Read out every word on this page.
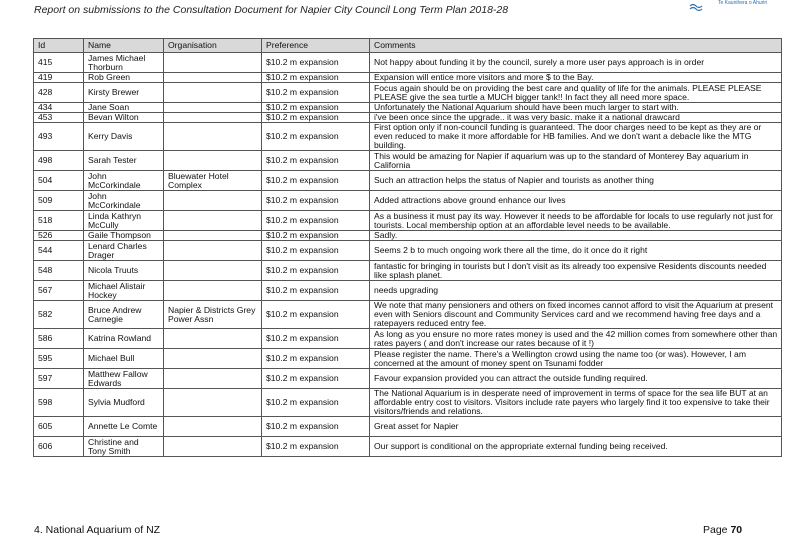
Report on submissions to the Consultation Document for Napier City Council Long Term Plan 2018-28
Te Kaunihera o Ahuriri
Id	Name	Organisation	Preference	Comments
415	James Michael Thorburn		$10.2 m expansion	Not happy about funding it by the council, surely a more user pays approach is in order
419	Rob Green		$10.2 m expansion	Expansion will entice more visitors and more $ to the Bay.
428	Kirsty Brewer		$10.2 m expansion	Focus again should be on providing the best care and quality of life for the animals. PLEASE PLEASE PLEASE give the sea turtle a MUCH bigger tank!! In fact they all need more space.
434	Jane Soan		$10.2 m expansion	Unfortunately the National Aquarium should have been much larger to start with.
453	Bevan Wilton		$10.2 m expansion	i've been once since the upgrade.. it was very basic. make it a national drawcard
493	Kerry Davis		$10.2 m expansion	First option only if non-council funding is guaranteed. The door charges need to be kept as they are or even reduced to make it more affordable for HB families. And we don't want a debacle like the MTG building.
498	Sarah Tester		$10.2 m expansion	This would be amazing for Napier if aquarium was up to the standard of Monterey Bay aquarium in California
504	John McCorkindale	Bluewater Hotel Complex	$10.2 m expansion	Such an attraction helps the status of Napier and tourists as another thing
509	John McCorkindale		$10.2 m expansion	Added attractions above ground enhance our lives
518	Linda Kathryn McCully		$10.2 m expansion	As a business it must pay its way. However it needs to be affordable for locals to use regularly not just for tourists. Local membership option at an affordable level needs to be available.
526	Gaile Thompson		$10.2 m expansion	Sadly.
544	Lenard Charles Drager		$10.2 m expansion	Seems 2 b to much ongoing work there all the time, do it once do it right
548	Nicola Truuts		$10.2 m expansion	fantastic for bringing in tourists but I don't visit as its already too expensive Residents discounts needed like splash planet.
567	Michael Alistair Hockey		$10.2 m expansion	needs upgrading
582	Bruce Andrew Carnegie	Napier & Districts Grey Power Assn	$10.2 m expansion	We note that many pensioners and others on fixed incomes cannot afford to visit the Aquarium at present even with Seniors discount and Community Services card and we recommend having free days and a ratepayers reduced entry fee.
586	Katrina Rowland		$10.2 m expansion	As long as you ensure no more rates money is used and the 42 million comes from somewhere other than rates payers ( and don't increase our rates because of it !)
595	Michael Bull		$10.2 m expansion	Please register the name. There's a Wellington crowd using the name too (or was). However, I am concerned at the amount of money spent on Tsunami fodder
597	Matthew Fallow Edwards		$10.2 m expansion	Favour expansion provided you can attract the outside funding required.
598	Sylvia Mudford		$10.2 m expansion	The National Aquarium is in desperate need of improvement in terms of space for the sea life BUT at an affordable entry cost to visitors. Visitors include rate payers who largely find it too expensive to take their visitors/friends and relations.
605	Annette Le Comte		$10.2 m expansion	Great asset for Napier
606	Christine and Tony Smith		$10.2 m expansion	Our support is conditional on the appropriate external funding being received.
4. National Aquarium of NZ	Page 70
